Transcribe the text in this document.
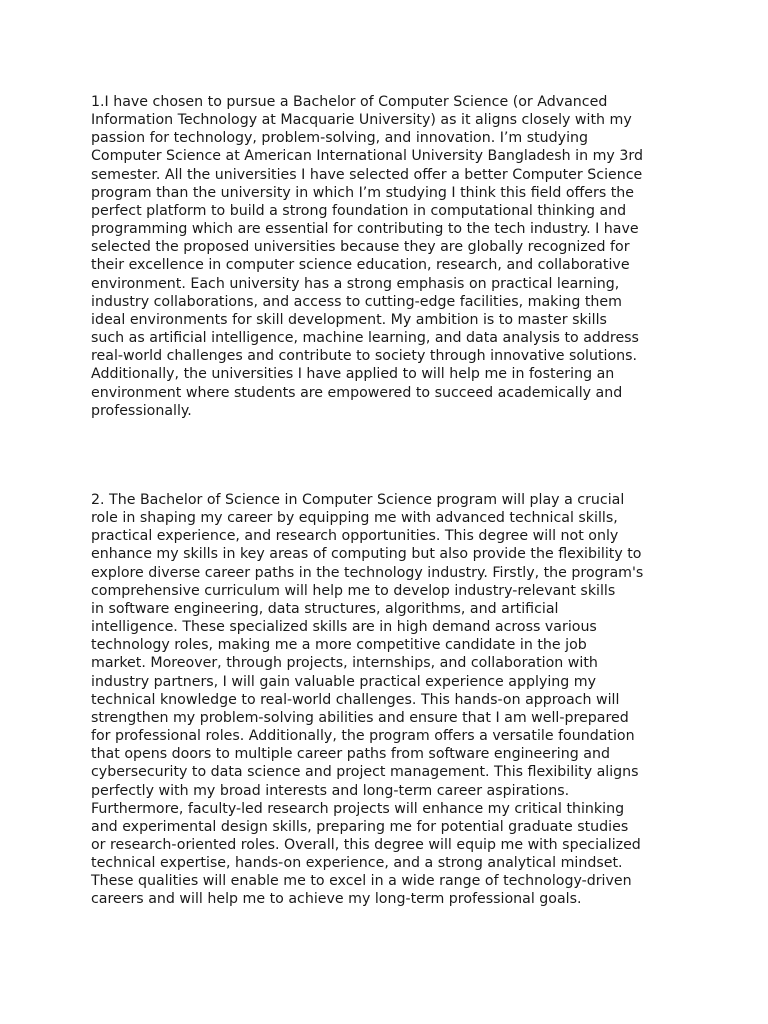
1.I have chosen to pursue a Bachelor of Computer Science (or Advanced
Information Technology at Macquarie University) as it aligns closely with my
passion for technology, problem-solving, and innovation. I’m studying
Computer Science at American International University Bangladesh in my 3rd
semester. All the universities I have selected offer a better Computer Science
program than the university in which I’m studying I think this field offers the
perfect platform to build a strong foundation in computational thinking and
programming which are essential for contributing to the tech industry. I have
selected the proposed universities because they are globally recognized for
their excellence in computer science education, research, and collaborative
environment. Each university has a strong emphasis on practical learning,
industry collaborations, and access to cutting-edge facilities, making them
ideal environments for skill development. My ambition is to master skills
such as artificial intelligence, machine learning, and data analysis to address
real-world challenges and contribute to society through innovative solutions.
Additionally, the universities I have applied to will help me in fostering an
environment where students are empowered to succeed academically and
professionally.

2. The Bachelor of Science in Computer Science program will play a crucial
role in shaping my career by equipping me with advanced technical skills,
practical experience, and research opportunities. This degree will not only
enhance my skills in key areas of computing but also provide the flexibility to
explore diverse career paths in the technology industry. Firstly, the program's
comprehensive curriculum will help me to develop industry-relevant skills
in software engineering, data structures, algorithms, and artificial
intelligence. These specialized skills are in high demand across various
technology roles, making me a more competitive candidate in the job
market. Moreover, through projects, internships, and collaboration with
industry partners, I will gain valuable practical experience applying my
technical knowledge to real-world challenges. This hands-on approach will
strengthen my problem-solving abilities and ensure that I am well-prepared
for professional roles. Additionally, the program offers a versatile foundation
that opens doors to multiple career paths from software engineering and
cybersecurity to data science and project management. This flexibility aligns
perfectly with my broad interests and long-term career aspirations.
Furthermore, faculty-led research projects will enhance my critical thinking
and experimental design skills, preparing me for potential graduate studies
or research-oriented roles. Overall, this degree will equip me with specialized
technical expertise, hands-on experience, and a strong analytical mindset.
These qualities will enable me to excel in a wide range of technology-driven
careers and will help me to achieve my long-term professional goals.
